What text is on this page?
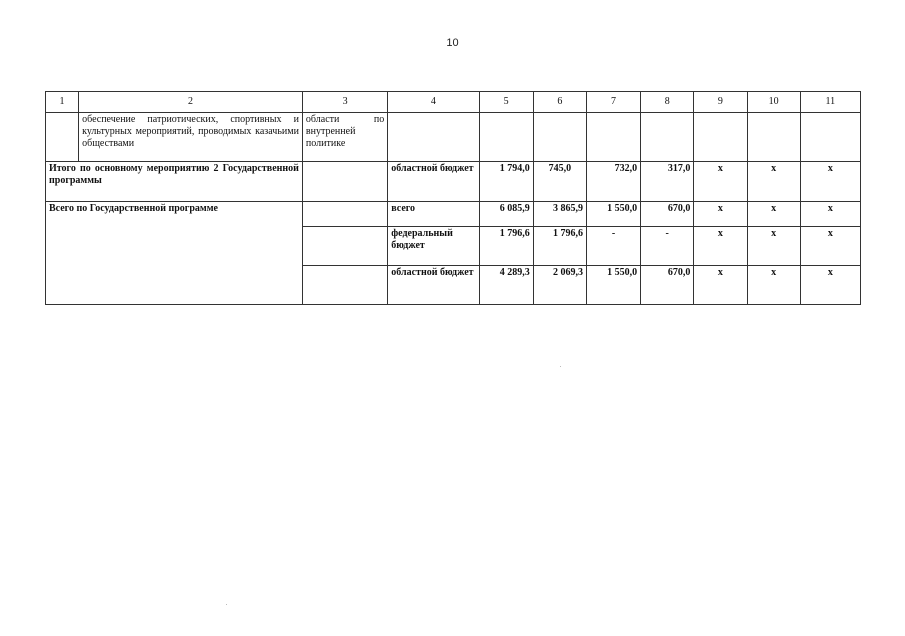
10
1	2	3	4	5	6	7	8	9	10	11
	обеспечение патриотических, спортивных и культурных мероприятий, проводимых казачьими обществами	области по внутренней политике								
Итого по основному мероприятию 2 Государственной программы			областной бюджет	1 794,0	745,0	732,0	317,0	х	х	х
Всего по Государственной программе			всего	6 085,9	3 865,9	1 550,0	670,0	х	х	х
			федеральный бюджет	1 796,6	1 796,6	-	-	х	х	х
			областной бюджет	4 289,3	2 069,3	1 550,0	670,0	х	х	х
